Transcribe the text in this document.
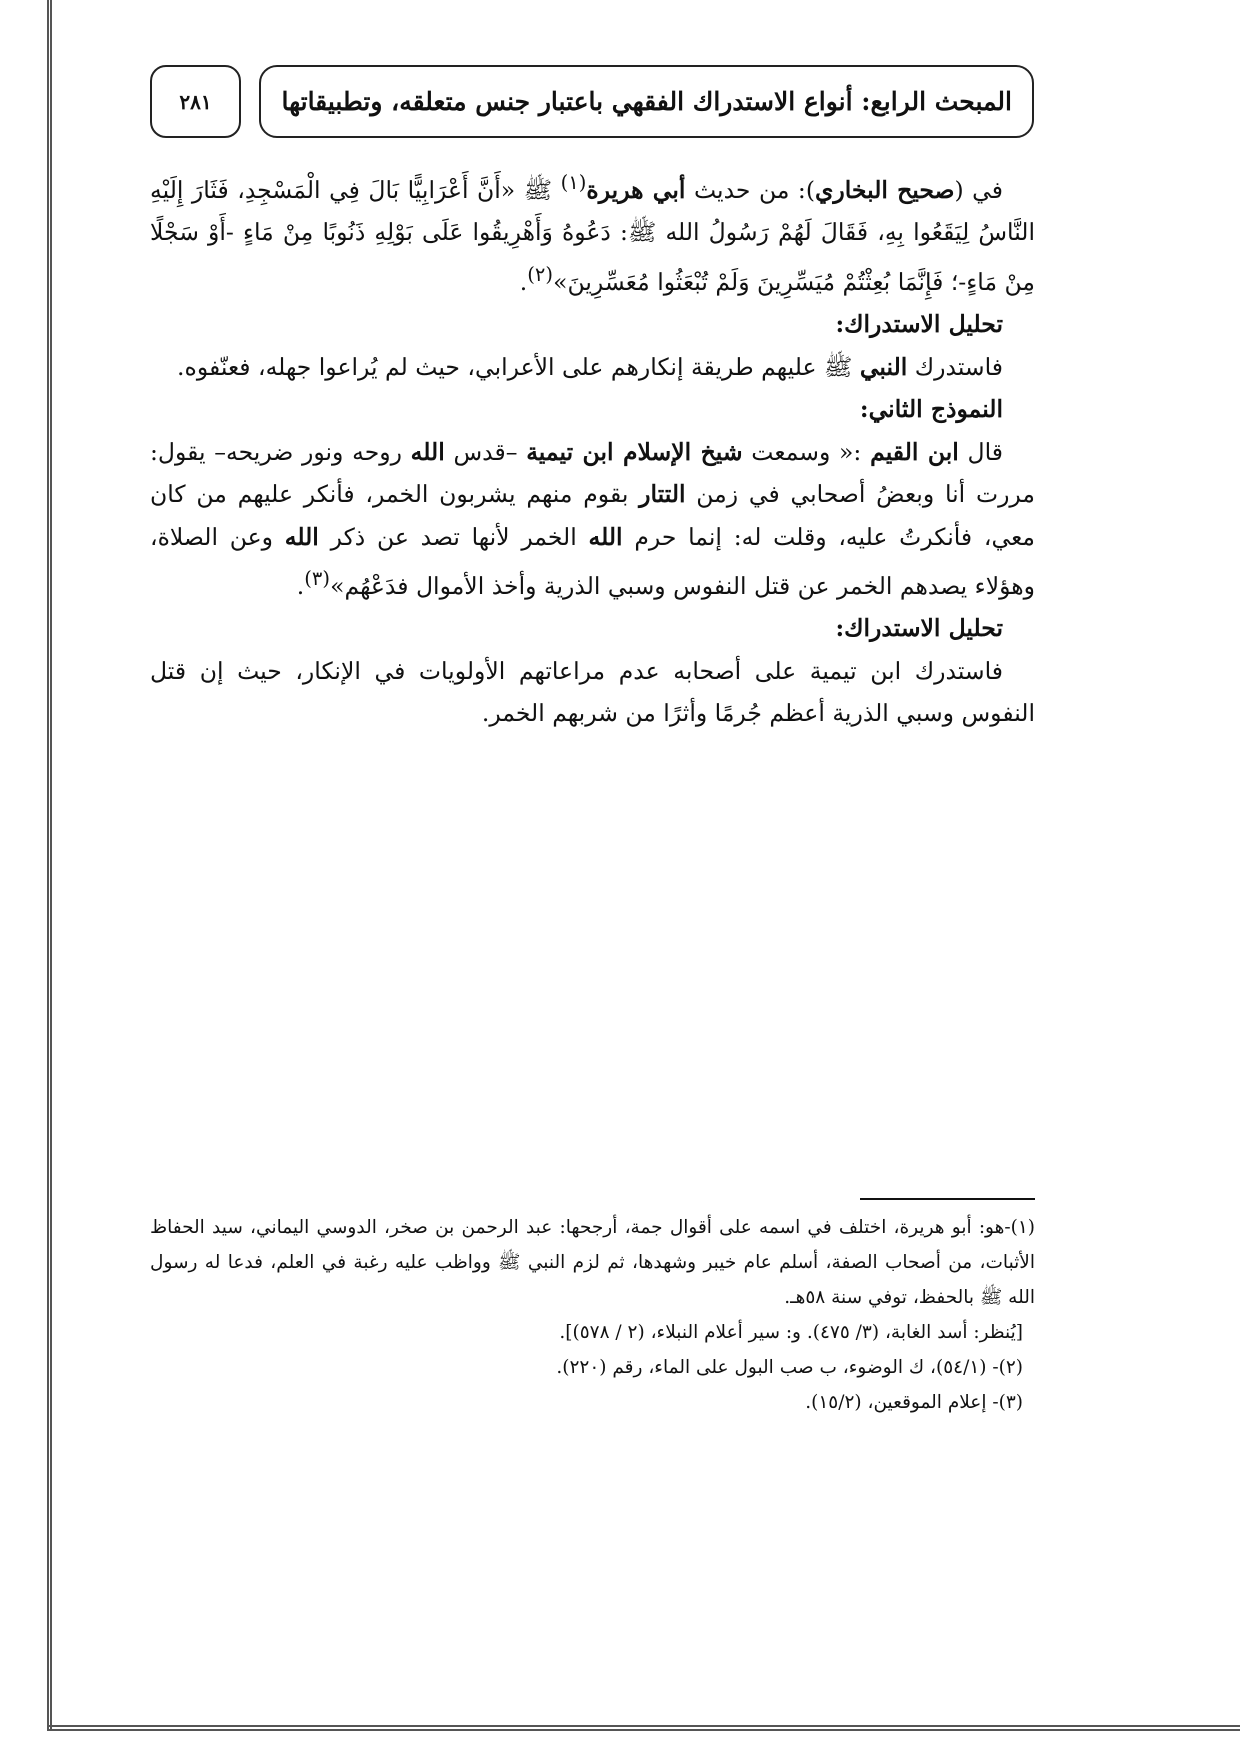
المبحث الرابع: أنواع الاستدراك الفقهي باعتبار جنس متعلقه، وتطبيقاتها
٢٨١

في (صحيح البخاري): من حديث أبي هريرة$^{(١)}$ ﷺ «أَنَّ أَعْرَابِيًّا بَالَ فِي الْمَسْجِدِ، فَثَارَ إِلَيْهِ النَّاسُ لِيَقَعُوا بِهِ، فَقَالَ لَهُمْ رَسُولُ الله ﷺ: دَعُوهُ وَأَهْرِيقُوا عَلَى بَوْلِهِ ذَنُوبًا مِنْ مَاءٍ -أَوْ سَجْلًا مِنْ مَاءٍ-؛ فَإِنَّمَا بُعِثْتُمْ مُيَسِّرِينَ وَلَمْ تُبْعَثُوا مُعَسِّرِينَ»$^{(٢)}$.

تحليل الاستدراك:

فاستدرك النبي ﷺ عليهم طريقة إنكارهم على الأعرابي، حيث لم يُراعوا جهله، فعنّفوه.

النموذج الثاني:

قال ابن القيم :« وسمعت شيخ الإسلام ابن تيمية –قدس الله روحه ونور ضريحه– يقول: مررت أنا وبعضُ أصحابي في زمن التتار بقوم منهم يشربون الخمر، فأنكر عليهم من كان معي، فأنكرتُ عليه، وقلت له: إنما حرم الله الخمر لأنها تصد عن ذكر الله وعن الصلاة، وهؤلاء يصدهم الخمر عن قتل النفوس وسبي الذرية وأخذ الأموال فدَعْهُم»$^{(٣)}$.

تحليل الاستدراك:

فاستدرك ابن تيمية على أصحابه عدم مراعاتهم الأولويات في الإنكار، حيث إن قتل النفوس وسبي الذرية أعظم جُرمًا وأثرًا من شربهم الخمر.

(١)-هو: أبو هريرة، اختلف في اسمه على أقوال جمة، أرجحها: عبد الرحمن بن صخر، الدوسي اليماني، سيد الحفاظ الأثبات، من أصحاب الصفة، أسلم عام خيبر وشهدها، ثم لزم النبي ﷺ وواظب عليه رغبة في العلم، فدعا له رسول الله ﷺ بالحفظ، توفي سنة ٥٨هـ.

[يُنظر: أسد الغابة، (٣/ ٤٧٥). و: سير أعلام النبلاء، (٢ / ٥٧٨)].

(٢)- (٥٤/١)، ك الوضوء، ب صب البول على الماء، رقم (٢٢٠).

(٣)- إعلام الموقعين، (١٥/٢).
